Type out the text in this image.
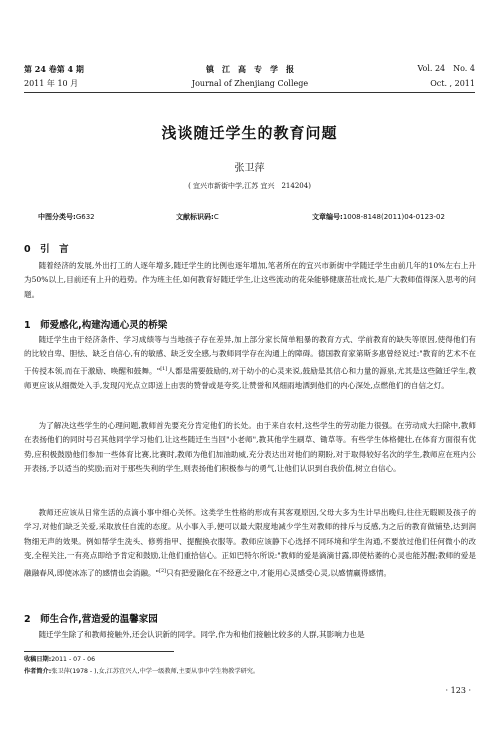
第 24 卷第 4 期
2011 年 10 月
镇　江　高　专　学　报
Journal of Zhenjiang College
Vol. 24　No. 4
Oct. , 2011
浅谈随迁学生的教育问题
张卫萍
( 宜兴市新街中学,江苏 宜兴　214204)
中图分类号:G632	文献标识码:C	文章编号:1008-8148(2011)04-0123-02
0　引　言
随着经济的发展,外出打工的人逐年增多,随迁学生的比例也逐年增加,笔者所在的宜兴市新街中学随迁学生由前几年的10%左右上升为50%以上,目前还有上升的趋势。作为班主任,如何教育好随迁学生,让这些流动的花朵能够健康茁壮成长,是广大教师值得深入思考的问题。
1　师爱感化,构建沟通心灵的桥梁
随迁学生由于经济条件、学习成绩等与当地孩子存在差异,加上部分家长简单粗暴的教育方式、学前教育的缺失等原因,使得他们有的比较自卑、胆怯、缺乏自信心,有的敏感、缺乏安全感,与教师同学存在沟通上的障碍。德国教育家第斯多惠曾经说过:"教育的艺术不在于传授本领,而在于激励、唤醒和鼓舞。"[1]人都是需要鼓励的,对于幼小的心灵来说,鼓励是其信心和力量的源泉,尤其是这些随迁学生,教师更应该从细微处入手,发现闪光点立即送上由衷的赞誉或是夸奖,让赞誉和风细雨地洒到他们的内心深处,点燃他们的自信之灯。
为了解决这些学生的心理问题,教师首先要充分肯定他们的长处。由于来自农村,这些学生的劳动能力很强。在劳动成大扫除中,教师在表扬他们的同时号召其他同学学习他们,让这些随迁生当回"小老师",教其他学生刷草、锄草等。有些学生体格健壮,在体育方面很有优势,应积极鼓励他们参加一些体育比赛,比赛时,教师为他们加油助威,充分表达出对他们的期盼,对于取得较好名次的学生,教师应在班内公开表扬,予以适当的奖励;而对于那些失利的学生,则表扬他们积极参与的勇气,让他们认识到自我价值,树立自信心。
教师还应该从日常生活的点滴小事中细心关怀。这类学生性格的形成有其客观原因,父母大多为生计早出晚归,往往无暇顾及孩子的学习,对他们缺乏关爱,采取放任自流的态度。从小事入手,便可以最大限度地减少学生对教师的排斥与反感,为之后的教育做铺垫,达到润物细无声的效果。例如帮学生洗头、修剪指甲、提醒换衣服等。教师应该静下心选择不同环境和学生沟通,不要放过他们任何微小的改变,全程关注,一有亮点即给予肯定和鼓励,让他们重拾信心。正如巴特尔所说:"教师的爱是滴滴甘露,即使枯萎的心灵也能苏醒;教师的爱是融融春风,即使冰冻了的感情也会消融。"[2]只有把爱融化在不经意之中,才能用心灵感受心灵,以感情赢得感情。
2　师生合作,营造爱的温馨家园
随迁学生除了和教师接触外,还会认识新的同学。同学,作为和他们接触比较多的人群,其影响力也是
收稿日期:2011 - 07 - 06
作者简介:张卫萍(1978 - ),女,江苏宜兴人,中学一级教师,主要从事中学生物教学研究。
· 123 ·
